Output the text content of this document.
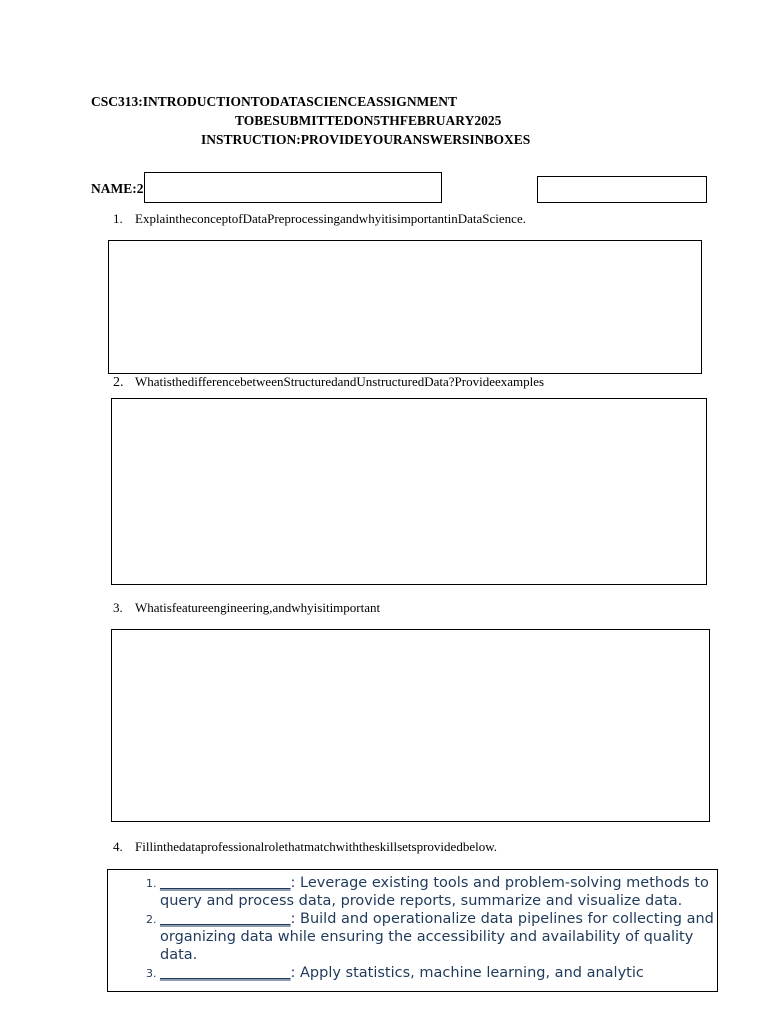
CSC313:INTRODUCTIONTODATASCIENCEASSIGNMENT
TOBESUBMITTEDON5THFEBRUARY2025
INSTRUCTION:PROVIDEYOURANSWERSINBOXES
NAME:2
1. ExplaintheconceptofDataPreprocessingandwhyitisimportantinDataScience.
2. WhatisthedifferencebetweenStructuredandUnstructuredData?Provideexamples
3. Whatisfeatureengineering,andwhyisitimportant
4. Fillinthedataprofessionalrolethatmatchwiththeskillsetsprovidedbelow.
1. __________________: Leverage existing tools and problem-solving methods to query and process data, provide reports, summarize and visualize data.
2. __________________: Build and operationalize data pipelines for collecting and organizing data while ensuring the accessibility and availability of quality data.
3. __________________: Apply statistics, machine learning, and analytic
